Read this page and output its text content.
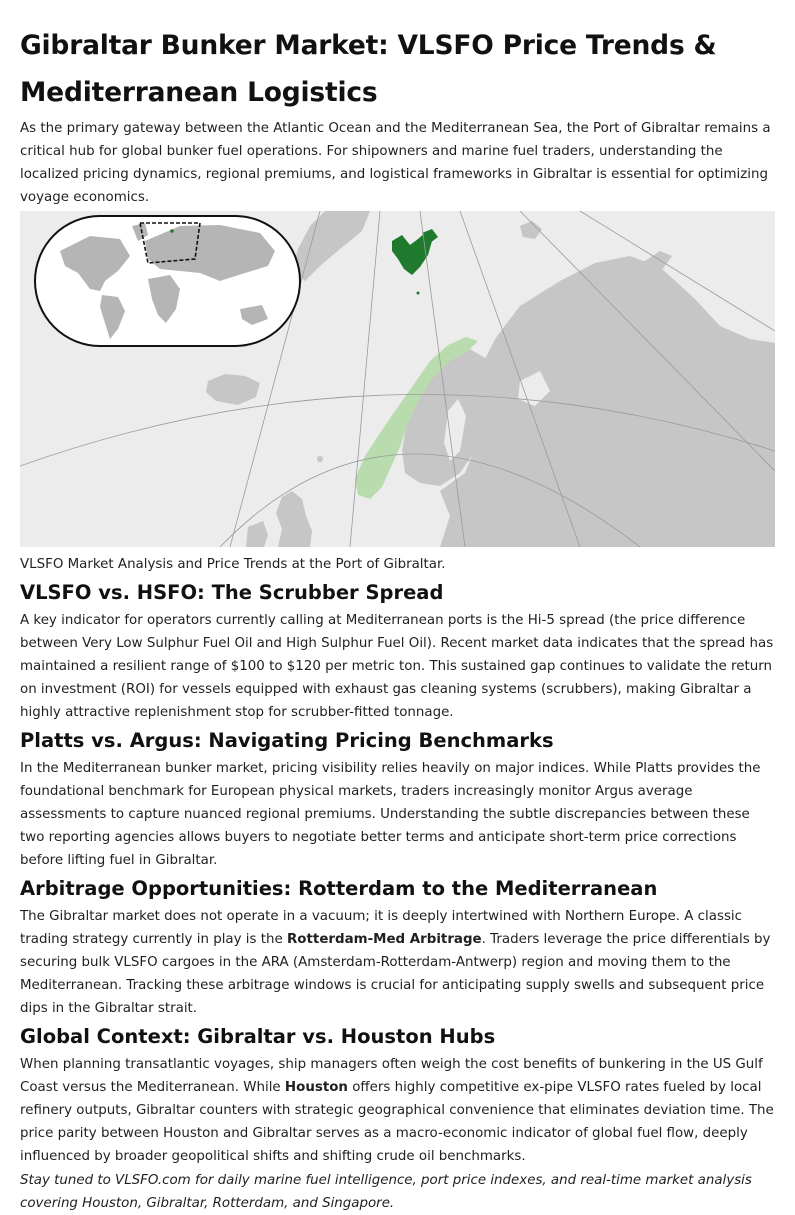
Gibraltar Bunker Market: VLSFO Price Trends &
Mediterranean Logistics

As the primary gateway between the Atlantic Ocean and the Mediterranean Sea, the Port of Gibraltar remains a critical hub for global bunker fuel operations. For shipowners and marine fuel traders, understanding the localized pricing dynamics, regional premiums, and logistical frameworks in Gibraltar is essential for optimizing voyage economics.

VLSFO Market Analysis and Price Trends at the Port of Gibraltar.

VLSFO vs. HSFO: The Scrubber Spread

A key indicator for operators currently calling at Mediterranean ports is the Hi-5 spread (the price difference between Very Low Sulphur Fuel Oil and High Sulphur Fuel Oil). Recent market data indicates that the spread has maintained a resilient range of $100 to $120 per metric ton. This sustained gap continues to validate the return on investment (ROI) for vessels equipped with exhaust gas cleaning systems (scrubbers), making Gibraltar a highly attractive replenishment stop for scrubber-fitted tonnage.

Platts vs. Argus: Navigating Pricing Benchmarks

In the Mediterranean bunker market, pricing visibility relies heavily on major indices. While Platts provides the foundational benchmark for European physical markets, traders increasingly monitor Argus average assessments to capture nuanced regional premiums. Understanding the subtle discrepancies between these two reporting agencies allows buyers to negotiate better terms and anticipate short-term price corrections before lifting fuel in Gibraltar.

Arbitrage Opportunities: Rotterdam to the Mediterranean

The Gibraltar market does not operate in a vacuum; it is deeply intertwined with Northern Europe. A classic trading strategy currently in play is the Rotterdam-Med Arbitrage. Traders leverage the price differentials by securing bulk VLSFO cargoes in the ARA (Amsterdam-Rotterdam-Antwerp) region and moving them to the Mediterranean. Tracking these arbitrage windows is crucial for anticipating supply swells and subsequent price dips in the Gibraltar strait.

Global Context: Gibraltar vs. Houston Hubs

When planning transatlantic voyages, ship managers often weigh the cost benefits of bunkering in the US Gulf Coast versus the Mediterranean. While Houston offers highly competitive ex-pipe VLSFO rates fueled by local refinery outputs, Gibraltar counters with strategic geographical convenience that eliminates deviation time. The price parity between Houston and Gibraltar serves as a macro-economic indicator of global fuel flow, deeply influenced by broader geopolitical shifts and shifting crude oil benchmarks.

Stay tuned to VLSFO.com for daily marine fuel intelligence, port price indexes, and real-time market analysis covering Houston, Gibraltar, Rotterdam, and Singapore.
